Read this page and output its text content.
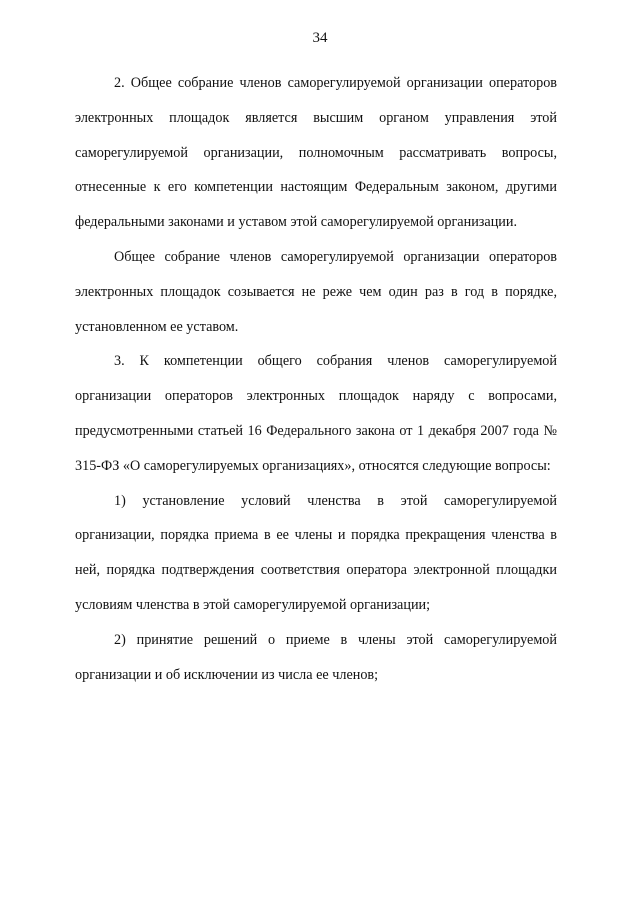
34

2. Общее собрание членов саморегулируемой организации операторов электронных площадок является высшим органом управления этой саморегулируемой организации, полномочным рассматривать вопросы, отнесенные к его компетенции настоящим Федеральным законом, другими федеральными законами и уставом этой саморегулируемой организации.

Общее собрание членов саморегулируемой организации операторов электронных площадок созывается не реже чем один раз в год в порядке, установленном ее уставом.

3. К компетенции общего собрания членов саморегулируемой организации операторов электронных площадок наряду с вопросами, предусмотренными статьей 16 Федерального закона от 1 декабря 2007 года № 315-ФЗ «О саморегулируемых организациях», относятся следующие вопросы:

1) установление условий членства в этой саморегулируемой организации, порядка приема в ее члены и порядка прекращения членства в ней, порядка подтверждения соответствия оператора электронной площадки условиям членства в этой саморегулируемой организации;

2) принятие решений о приеме в члены этой саморегулируемой организации и об исключении из числа ее членов;
